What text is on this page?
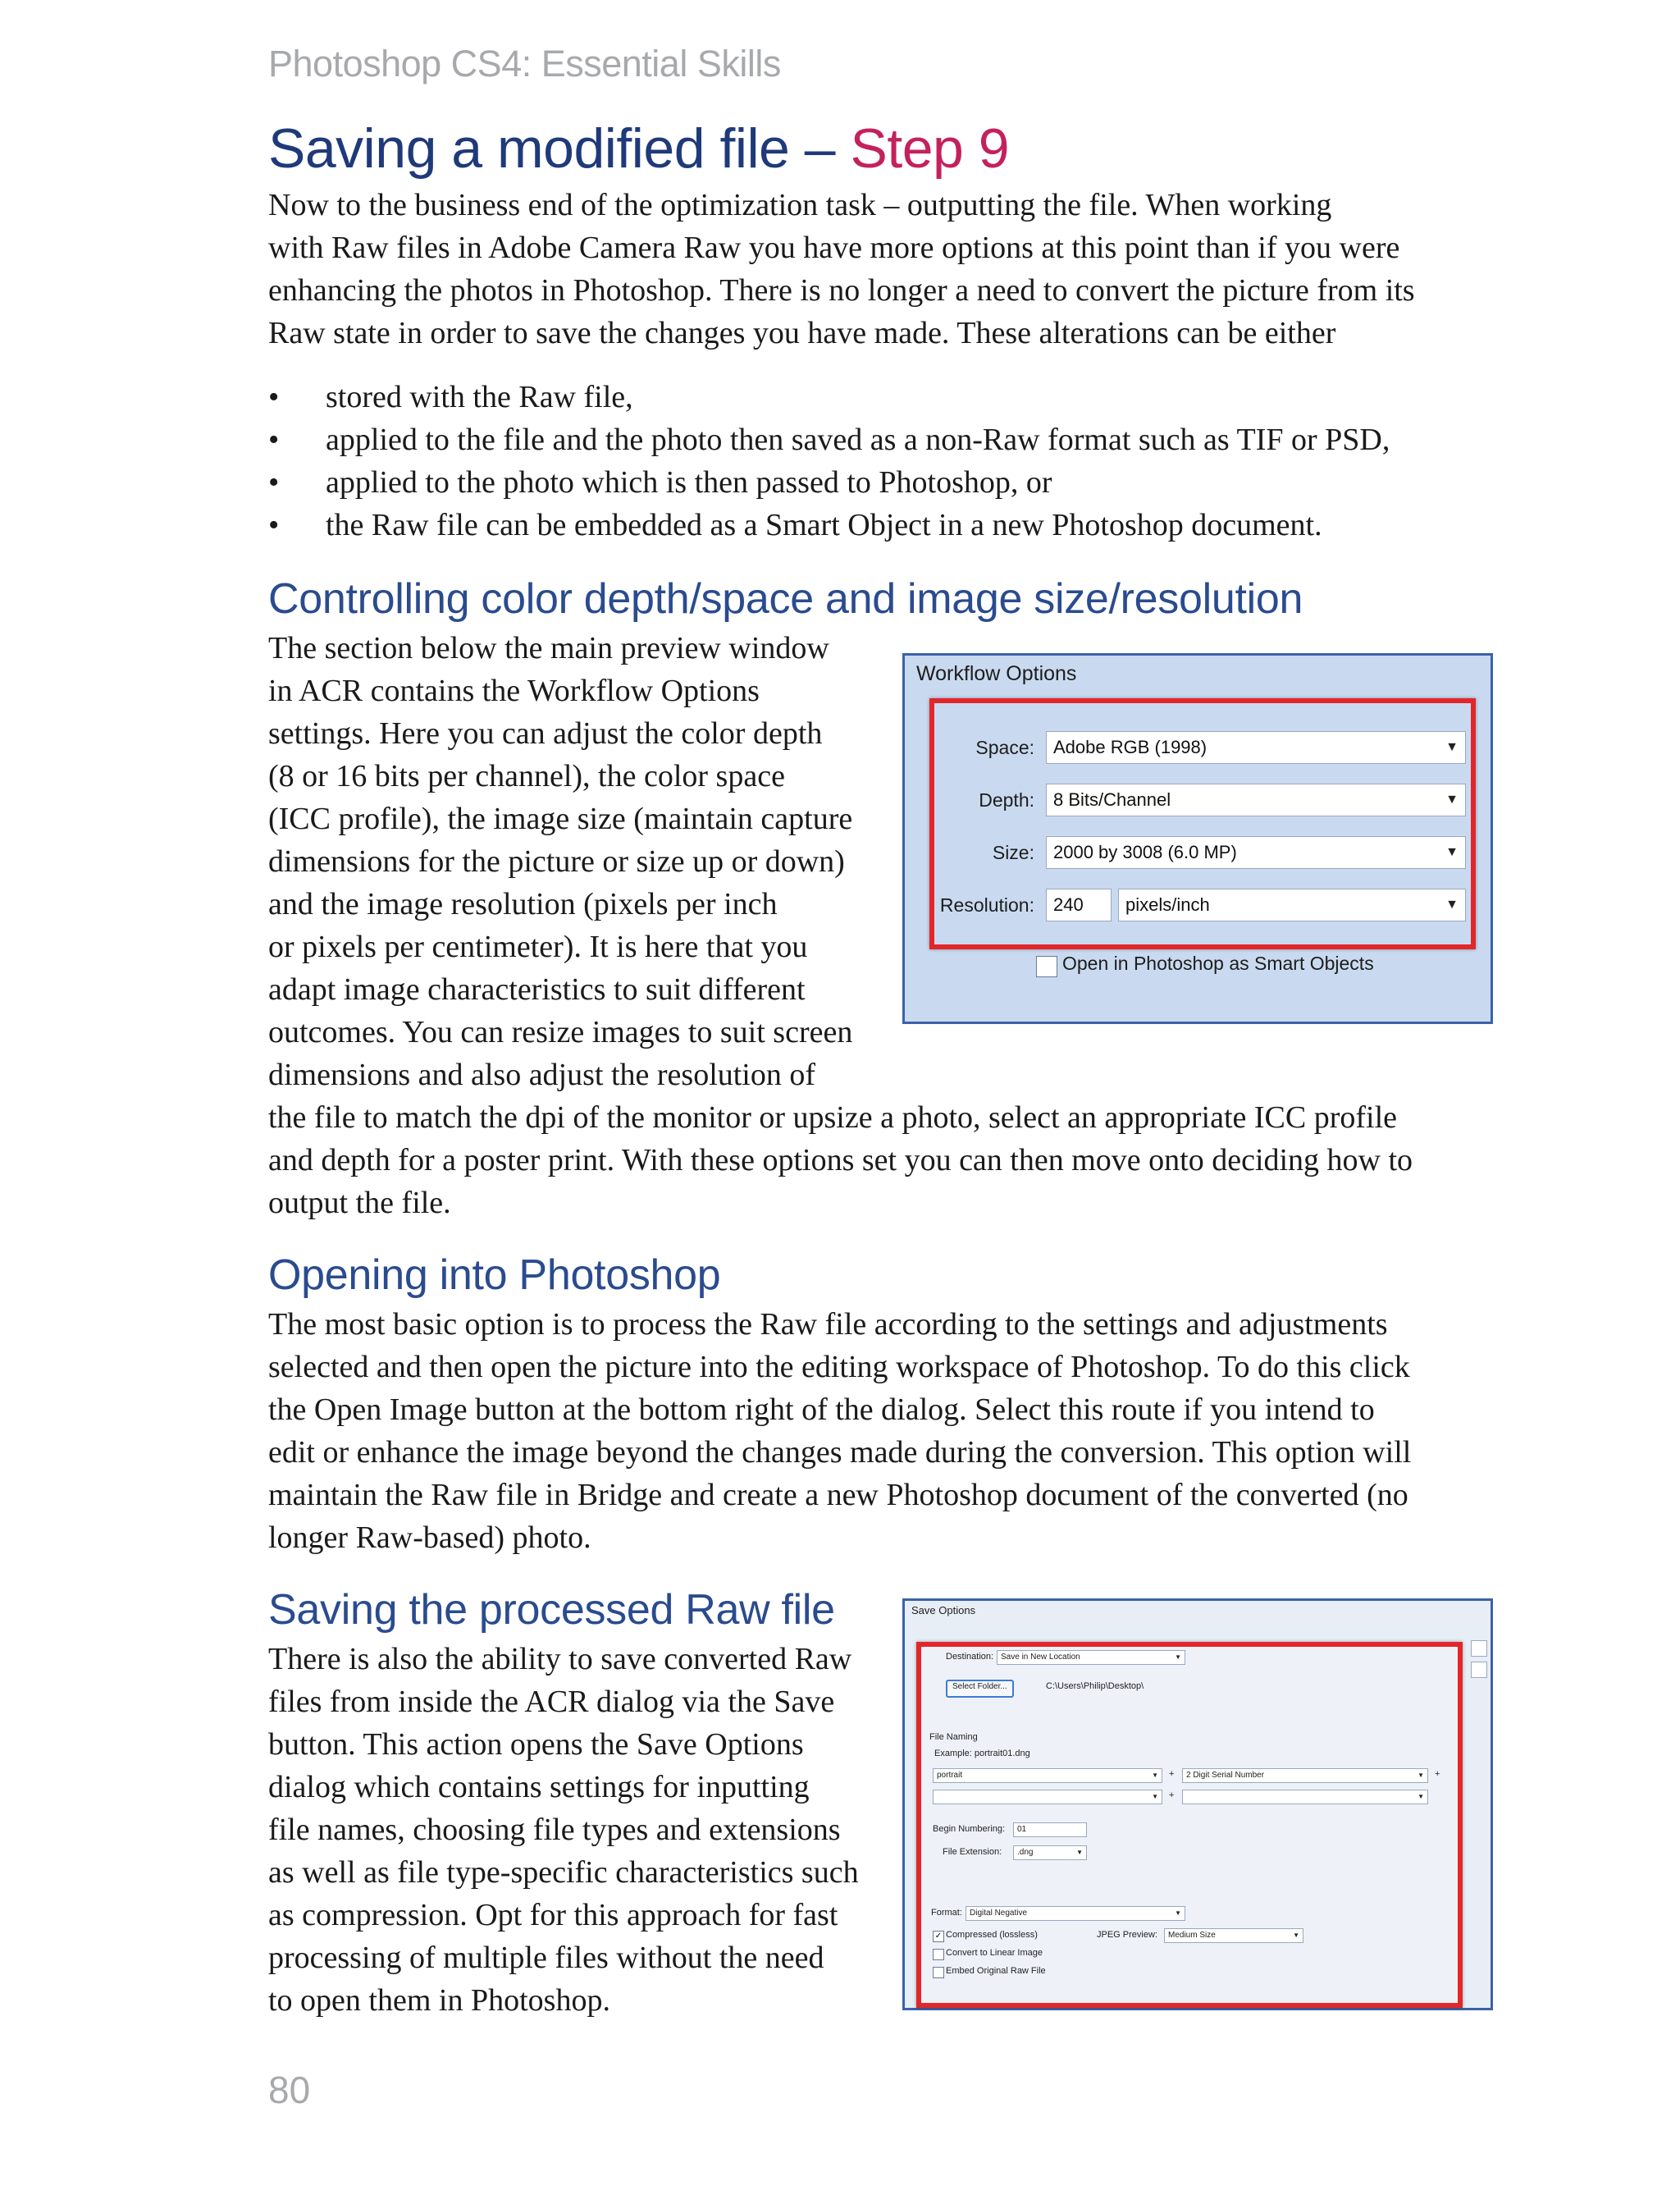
Photoshop CS4: Essential Skills
Saving a modified file – Step 9
Now to the business end of the optimization task – outputting the file. When working
with Raw files in Adobe Camera Raw you have more options at this point than if you were
enhancing the photos in Photoshop. There is no longer a need to convert the picture from its
Raw state in order to save the changes you have made. These alterations can be either
• stored with the Raw file,
• applied to the file and the photo then saved as a non-Raw format such as TIF or PSD,
• applied to the photo which is then passed to Photoshop, or
• the Raw file can be embedded as a Smart Object in a new Photoshop document.
Controlling color depth/space and image size/resolution
The section below the main preview window
in ACR contains the Workflow Options
settings. Here you can adjust the color depth
(8 or 16 bits per channel), the color space
(ICC profile), the image size (maintain capture
dimensions for the picture or size up or down)
and the image resolution (pixels per inch
or pixels per centimeter). It is here that you
adapt image characteristics to suit different
outcomes. You can resize images to suit screen
dimensions and also adjust the resolution of
the file to match the dpi of the monitor or upsize a photo, select an appropriate ICC profile
and depth for a poster print. With these options set you can then move onto deciding how to
output the file.
Workflow Options
Space:	Adobe RGB (1998)	▼
Depth:	8 Bits/Channel	▼
Size:	2000 by 3008 (6.0 MP)	▼
Resolution:	240	pixels/inch	▼
Open in Photoshop as Smart Objects
Opening into Photoshop
The most basic option is to process the Raw file according to the settings and adjustments
selected and then open the picture into the editing workspace of Photoshop. To do this click
the Open Image button at the bottom right of the dialog. Select this route if you intend to
edit or enhance the image beyond the changes made during the conversion. This option will
maintain the Raw file in Bridge and create a new Photoshop document of the converted (no
longer Raw-based) photo.
Saving the processed Raw file
There is also the ability to save converted Raw
files from inside the ACR dialog via the Save
button. This action opens the Save Options
dialog which contains settings for inputting
file names, choosing file types and extensions
as well as file type-specific characteristics such
as compression. Opt for this approach for fast
processing of multiple files without the need
to open them in Photoshop.
Save Options
Destination: Save in New Location	▼
Select Folder...	C:\Users\Philip\Desktop\
File Naming
Example: portrait01.dng
portrait	▼ +	2 Digit Serial Number	▼ +
▼ +	▼
Begin Numbering:	01
File Extension:	.dng	▼
Format: Digital Negative	▼
✓ Compressed (lossless)	JPEG Preview:	Medium Size	▼
Convert to Linear Image
Embed Original Raw File
80
